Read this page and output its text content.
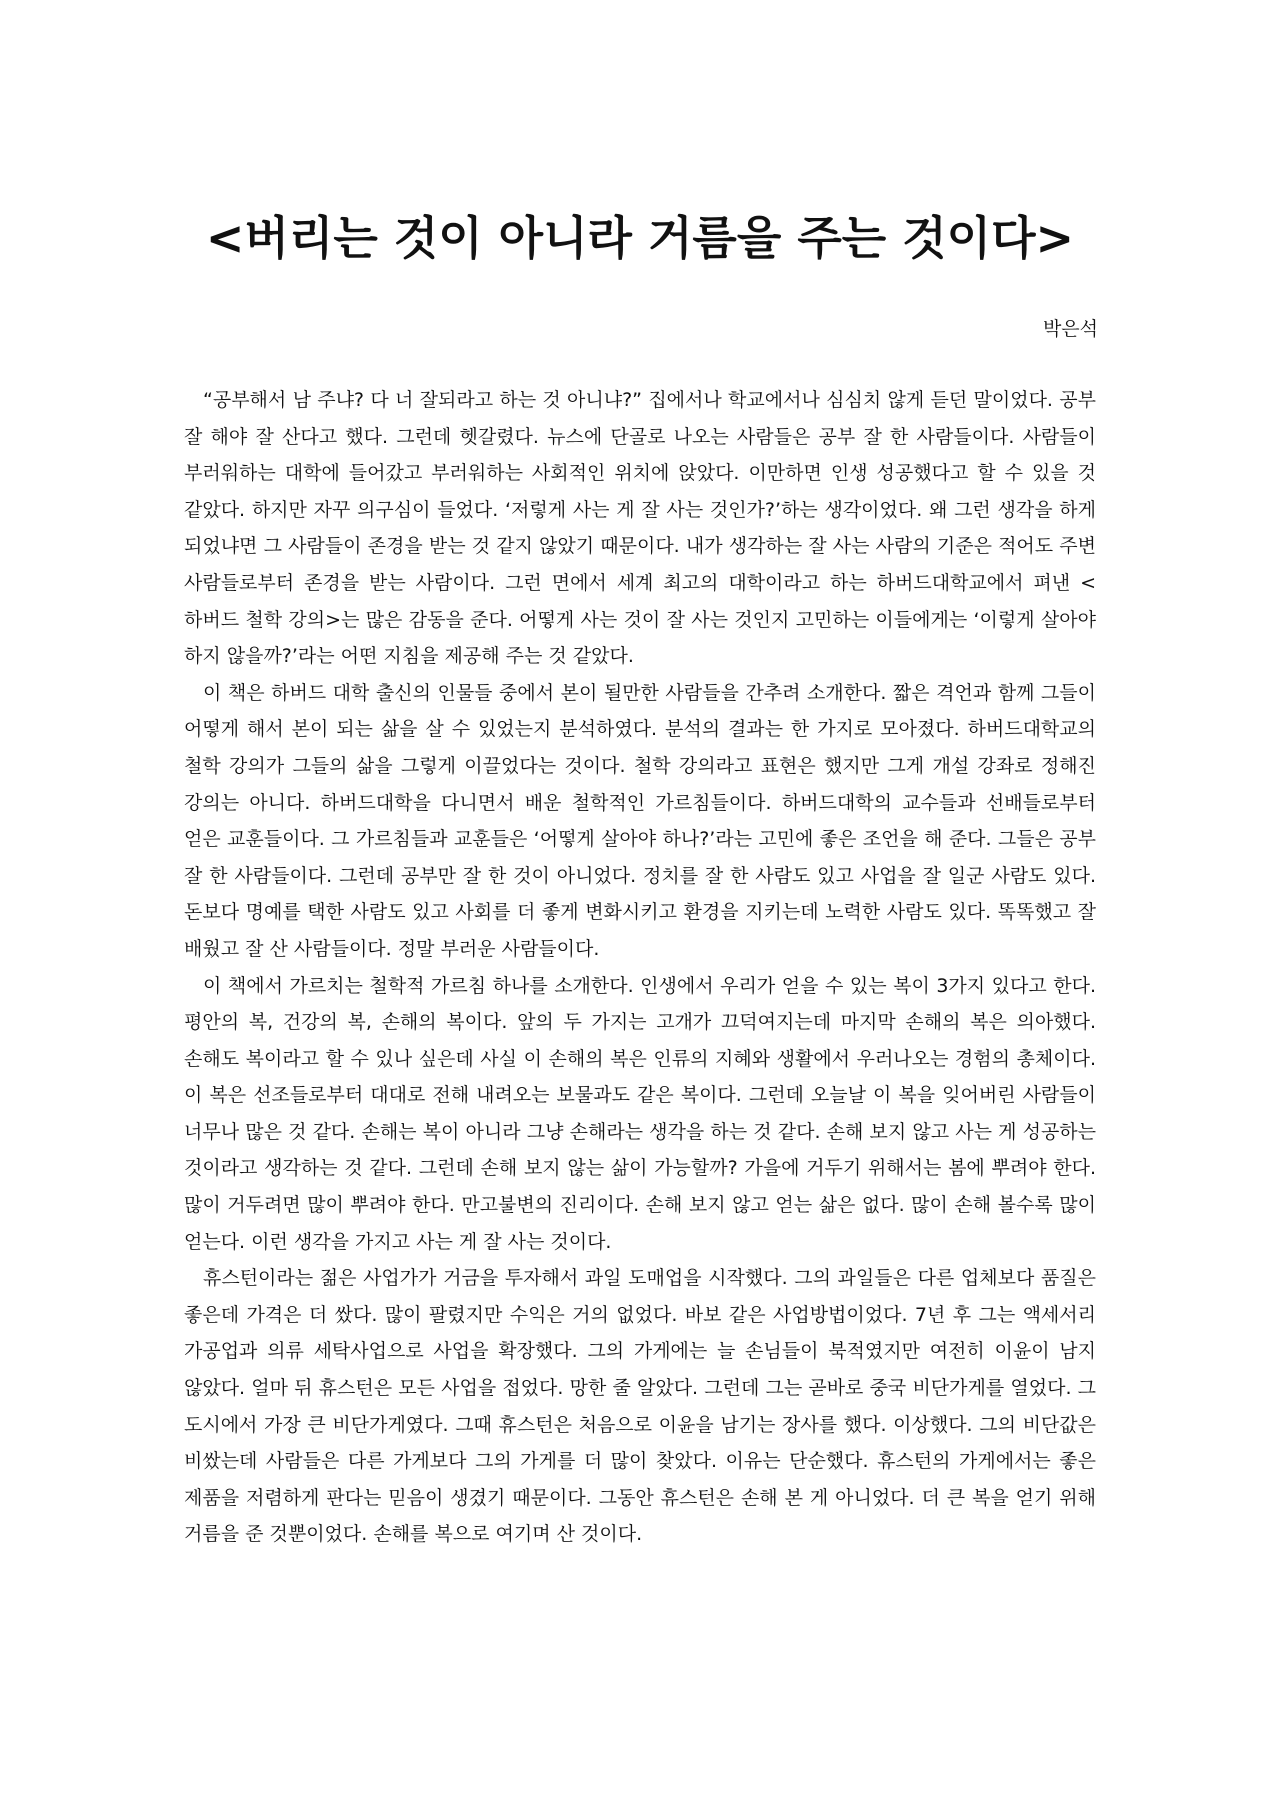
<버리는 것이 아니라 거름을 주는 것이다>
박은석

“공부해서 남 주냐? 다 너 잘되라고 하는 것 아니냐?” 집에서나 학교에서나 심심치 않게 듣던 말이었다. 공부 잘 해야 잘 산다고 했다. 그런데 헷갈렸다. 뉴스에 단골로 나오는 사람들은 공부 잘 한 사람들이다. 사람들이 부러워하는 대학에 들어갔고 부러워하는 사회적인 위치에 앉았다. 이만하면 인생 성공했다고 할 수 있을 것 같았다. 하지만 자꾸 의구심이 들었다. ‘저렇게 사는 게 잘 사는 것인가?’하는 생각이었다. 왜 그런 생각을 하게 되었냐면 그 사람들이 존경을 받는 것 같지 않았기 때문이다. 내가 생각하는 잘 사는 사람의 기준은 적어도 주변 사람들로부터 존경을 받는 사람이다. 그런 면에서 세계 최고의 대학이라고 하는 하버드대학교에서 펴낸 <하버드 철학 강의>는 많은 감동을 준다. 어떻게 사는 것이 잘 사는 것인지 고민하는 이들에게는 ‘이렇게 살아야 하지 않을까?’라는 어떤 지침을 제공해 주는 것 같았다.

이 책은 하버드 대학 출신의 인물들 중에서 본이 될만한 사람들을 간추려 소개한다. 짧은 격언과 함께 그들이 어떻게 해서 본이 되는 삶을 살 수 있었는지 분석하였다. 분석의 결과는 한 가지로 모아졌다. 하버드대학교의 철학 강의가 그들의 삶을 그렇게 이끌었다는 것이다. 철학 강의라고 표현은 했지만 그게 개설 강좌로 정해진 강의는 아니다. 하버드대학을 다니면서 배운 철학적인 가르침들이다. 하버드대학의 교수들과 선배들로부터 얻은 교훈들이다. 그 가르침들과 교훈들은 ‘어떻게 살아야 하나?’라는 고민에 좋은 조언을 해 준다. 그들은 공부 잘 한 사람들이다. 그런데 공부만 잘 한 것이 아니었다. 정치를 잘 한 사람도 있고 사업을 잘 일군 사람도 있다. 돈보다 명예를 택한 사람도 있고 사회를 더 좋게 변화시키고 환경을 지키는데 노력한 사람도 있다. 똑똑했고 잘 배웠고 잘 산 사람들이다. 정말 부러운 사람들이다.

이 책에서 가르치는 철학적 가르침 하나를 소개한다. 인생에서 우리가 얻을 수 있는 복이 3가지 있다고 한다. 평안의 복, 건강의 복, 손해의 복이다. 앞의 두 가지는 고개가 끄덕여지는데 마지막 손해의 복은 의아했다. 손해도 복이라고 할 수 있나 싶은데 사실 이 손해의 복은 인류의 지혜와 생활에서 우러나오는 경험의 총체이다. 이 복은 선조들로부터 대대로 전해 내려오는 보물과도 같은 복이다. 그런데 오늘날 이 복을 잊어버린 사람들이 너무나 많은 것 같다. 손해는 복이 아니라 그냥 손해라는 생각을 하는 것 같다. 손해 보지 않고 사는 게 성공하는 것이라고 생각하는 것 같다. 그런데 손해 보지 않는 삶이 가능할까? 가을에 거두기 위해서는 봄에 뿌려야 한다. 많이 거두려면 많이 뿌려야 한다. 만고불변의 진리이다. 손해 보지 않고 얻는 삶은 없다. 많이 손해 볼수록 많이 얻는다. 이런 생각을 가지고 사는 게 잘 사는 것이다.

휴스턴이라는 젊은 사업가가 거금을 투자해서 과일 도매업을 시작했다. 그의 과일들은 다른 업체보다 품질은 좋은데 가격은 더 쌌다. 많이 팔렸지만 수익은 거의 없었다. 바보 같은 사업방법이었다. 7년 후 그는 액세서리 가공업과 의류 세탁사업으로 사업을 확장했다. 그의 가게에는 늘 손님들이 북적였지만 여전히 이윤이 남지 않았다. 얼마 뒤 휴스턴은 모든 사업을 접었다. 망한 줄 알았다. 그런데 그는 곧바로 중국 비단가게를 열었다. 그 도시에서 가장 큰 비단가게였다. 그때 휴스턴은 처음으로 이윤을 남기는 장사를 했다. 이상했다. 그의 비단값은 비쌌는데 사람들은 다른 가게보다 그의 가게를 더 많이 찾았다. 이유는 단순했다. 휴스턴의 가게에서는 좋은 제품을 저렴하게 판다는 믿음이 생겼기 때문이다. 그동안 휴스턴은 손해 본 게 아니었다. 더 큰 복을 얻기 위해 거름을 준 것뿐이었다. 손해를 복으로 여기며 산 것이다.
